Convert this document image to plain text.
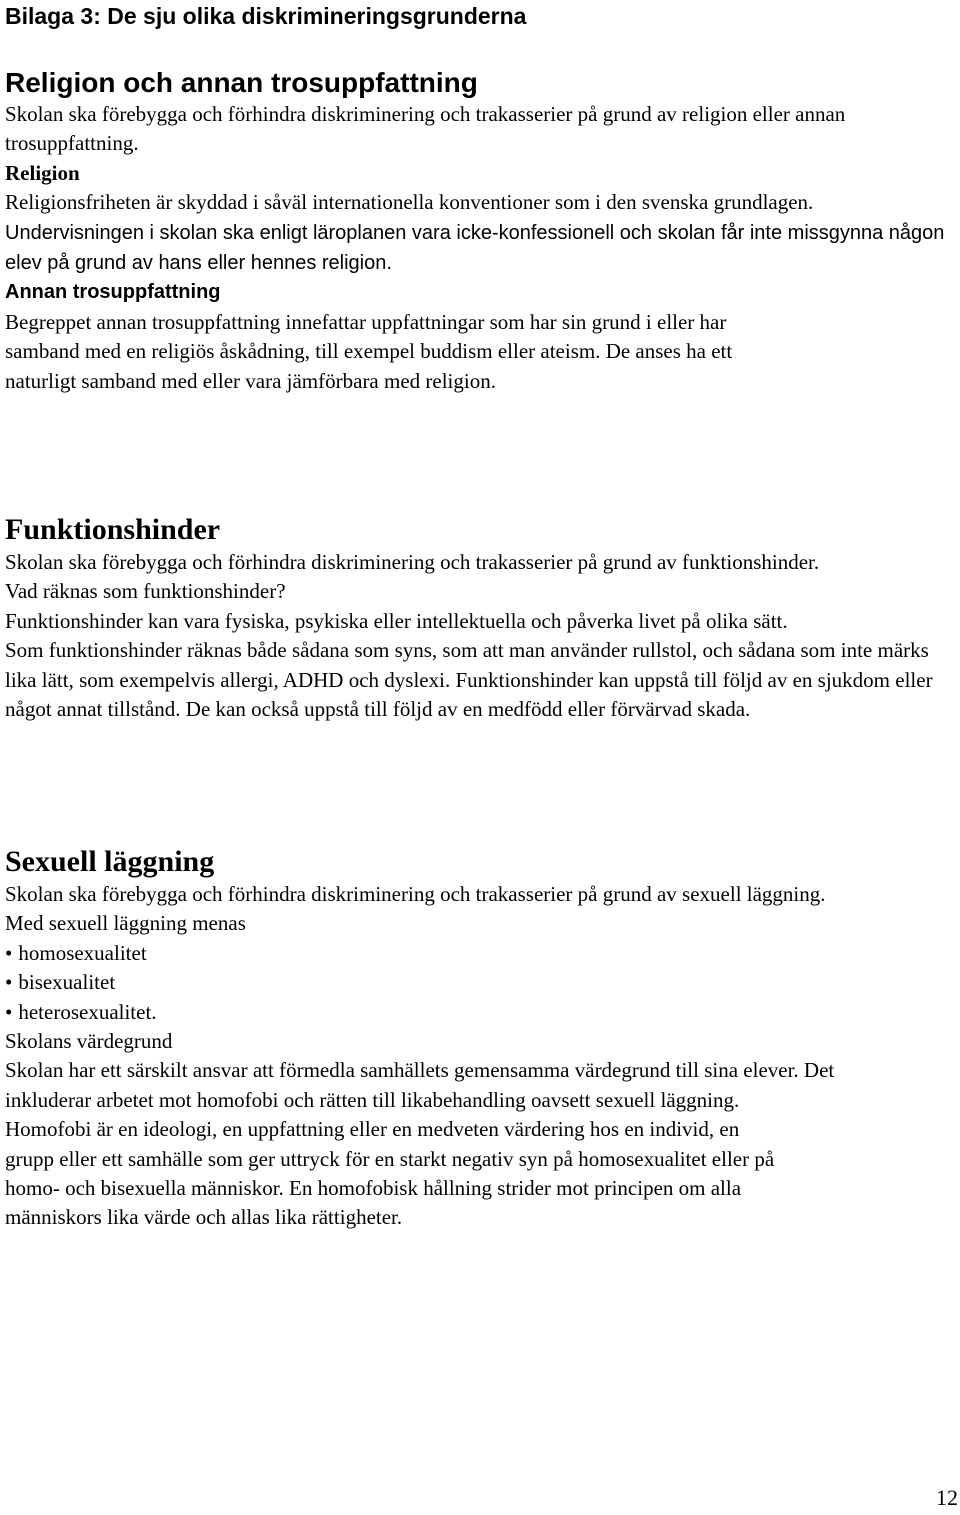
Bilaga 3: De sju olika diskrimineringsgrunderna
Religion och annan trosuppfattning

Skolan ska förebygga och förhindra diskriminering och trakasserier på grund av religion eller annan trosuppfattning.

Religion

Religionsfriheten är skyddad i såväl internationella konventioner som i den svenska grundlagen. Undervisningen i skolan ska enligt läroplanen vara icke-konfessionell och skolan får inte missgynna någon elev på grund av hans eller hennes religion.

Annan trosuppfattning

Begreppet annan trosuppfattning innefattar uppfattningar som har sin grund i eller har samband med en religiös åskådning, till exempel buddism eller ateism. De anses ha ett naturligt samband med eller vara jämförbara med religion.

Funktionshinder

Skolan ska förebygga och förhindra diskriminering och trakasserier på grund av funktionshinder.

Vad räknas som funktionshinder?

Funktionshinder kan vara fysiska, psykiska eller intellektuella och påverka livet på olika sätt.

Som funktionshinder räknas både sådana som syns, som att man använder rullstol, och sådana som inte märks lika lätt, som exempelvis allergi, ADHD och dyslexi. Funktionshinder kan uppstå till följd av en sjukdom eller något annat tillstånd. De kan också uppstå till följd av en medfödd eller förvärvad skada.

Sexuell läggning

Skolan ska förebygga och förhindra diskriminering och trakasserier på grund av sexuell läggning.

Med sexuell läggning menas

• homosexualitet
• bisexualitet
• heterosexualitet.

Skolans värdegrund

Skolan har ett särskilt ansvar att förmedla samhällets gemensamma värdegrund till sina elever. Det inkluderar arbetet mot homofobi och rätten till likabehandling oavsett sexuell läggning.

Homofobi är en ideologi, en uppfattning eller en medveten värdering hos en individ, en grupp eller ett samhälle som ger uttryck för en starkt negativ syn på homosexualitet eller på homo- och bisexuella människor. En homofobisk hållning strider mot principen om alla människors lika värde och allas lika rättigheter.

12
